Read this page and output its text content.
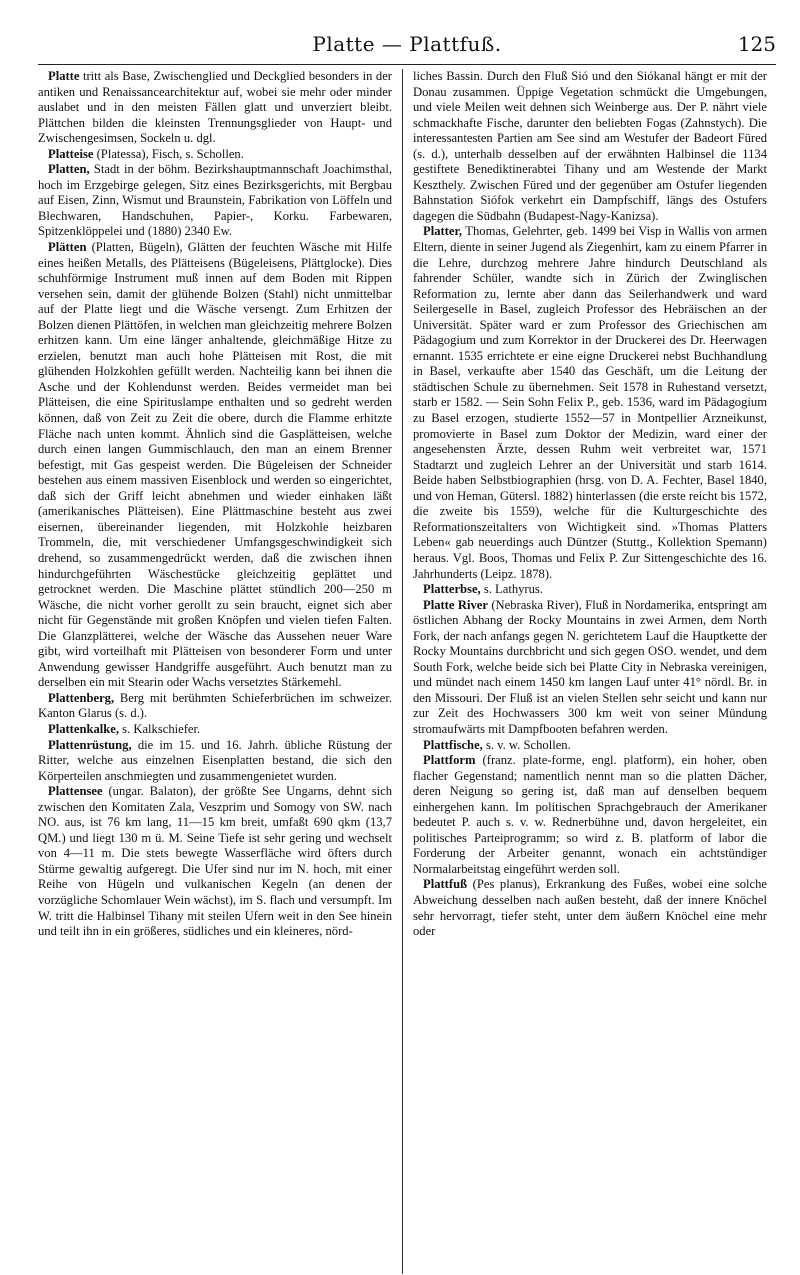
Platte — Plattfuß.	125

Platte tritt als Base, Zwischenglied und Deckglied besonders in der antiken und Renaissancearchitektur auf, wobei sie mehr oder minder auslabet und in den meisten Fällen glatt und unverziert bleibt. Plättchen bilden die kleinsten Trennungsglieder von Haupt- und Zwischengesimsen, Sockeln u. dgl.

Platteise (Platessa), Fisch, s. Schollen.

Platten, Stadt in der böhm. Bezirkshauptmannschaft Joachimsthal, hoch im Erzgebirge gelegen, Sitz eines Bezirksgerichts, mit Bergbau auf Eisen, Zinn, Wismut und Braunstein, Fabrikation von Löffeln und Blechwaren, Handschuhen, Papier-, Korku. Farbewaren, Spitzenklöppelei und (1880) 2340 Ew.

Plätten (Platten, Bügeln), Glätten der feuchten Wäsche mit Hilfe eines heißen Metalls, des Plätteisens (Bügeleisens, Plättglocke). Dies schuhförmige Instrument muß innen auf dem Boden mit Rippen versehen sein, damit der glühende Bolzen (Stahl) nicht unmittelbar auf der Platte liegt und die Wäsche versengt. Zum Erhitzen der Bolzen dienen Plättöfen, in welchen man gleichzeitig mehrere Bolzen erhitzen kann. Um eine länger anhaltende, gleichmäßige Hitze zu erzielen, benutzt man auch hohe Plätteisen mit Rost, die mit glühenden Holzkohlen gefüllt werden. Nachteilig kann bei ihnen die Asche und der Kohlendunst werden. Beides vermeidet man bei Plätteisen, die eine Spirituslampe enthalten und so gedreht werden können, daß von Zeit zu Zeit die obere, durch die Flamme erhitzte Fläche nach unten kommt. Ähnlich sind die Gasplätteisen, welche durch einen langen Gummischlauch, den man an einem Brenner befestigt, mit Gas gespeist werden. Die Bügeleisen der Schneider bestehen aus einem massiven Eisenblock und werden so eingerichtet, daß sich der Griff leicht abnehmen und wieder einhaken läßt (amerikanisches Plätteisen). Eine Plättmaschine besteht aus zwei eisernen, übereinander liegenden, mit Holzkohle heizbaren Trommeln, die, mit verschiedener Umfangsgeschwindigkeit sich drehend, so zusammengedrückt werden, daß die zwischen ihnen hindurchgeführten Wäschestücke gleichzeitig geplättet und getrocknet werden. Die Maschine plättet stündlich 200—250 m Wäsche, die nicht vorher gerollt zu sein braucht, eignet sich aber nicht für Gegenstände mit großen Knöpfen und vielen tiefen Falten. Die Glanzplätterei, welche der Wäsche das Aussehen neuer Ware gibt, wird vorteilhaft mit Plätteisen von besonderer Form und unter Anwendung gewisser Handgriffe ausgeführt. Auch benutzt man zu derselben ein mit Stearin oder Wachs versetztes Stärkemehl.

Plattenberg, Berg mit berühmten Schieferbrüchen im schweizer. Kanton Glarus (s. d.).

Plattenkalke, s. Kalkschiefer.

Plattenrüstung, die im 15. und 16. Jahrh. übliche Rüstung der Ritter, welche aus einzelnen Eisenplatten bestand, die sich den Körperteilen anschmiegten und zusammengenietet wurden.

Plattensee (ungar. Balaton), der größte See Ungarns, dehnt sich zwischen den Komitaten Zala, Veszprim und Somogy von SW. nach NO. aus, ist 76 km lang, 11—15 km breit, umfaßt 690 qkm (13,7 QM.) und liegt 130 m ü. M. Seine Tiefe ist sehr gering und wechselt von 4—11 m. Die stets bewegte Wasserfläche wird öfters durch Stürme gewaltig aufgeregt. Die Ufer sind nur im N. hoch, mit einer Reihe von Hügeln und vulkanischen Kegeln (an denen der vorzügliche Schomlauer Wein wächst), im S. flach und versumpft. Im W. tritt die Halbinsel Tihany mit steilen Ufern weit in den See hinein und teilt ihn in ein größeres, südliches und ein kleineres, nörd-

liches Bassin. Durch den Fluß Sió und den Siókanal hängt er mit der Donau zusammen. Üppige Vegetation schmückt die Umgebungen, und viele Meilen weit dehnen sich Weinberge aus. Der P. nährt viele schmackhafte Fische, darunter den beliebten Fogas (Zahnstych). Die interessantesten Partien am See sind am Westufer der Badeort Füred (s. d.), unterhalb desselben auf der erwähnten Halbinsel die 1134 gestiftete Benediktinerabtei Tihany und am Westende der Markt Keszthely. Zwischen Füred und der gegenüber am Ostufer liegenden Bahnstation Siófok verkehrt ein Dampfschiff, längs des Ostufers dagegen die Südbahn (Budapest-Nagy-Kanizsa).

Platter, Thomas, Gelehrter, geb. 1499 bei Visp in Wallis von armen Eltern, diente in seiner Jugend als Ziegenhirt, kam zu einem Pfarrer in die Lehre, durchzog mehrere Jahre hindurch Deutschland als fahrender Schüler, wandte sich in Zürich der Zwinglischen Reformation zu, lernte aber dann das Seilerhandwerk und ward Seilergeselle in Basel, zugleich Professor des Hebräischen an der Universität. Später ward er zum Professor des Griechischen am Pädagogium und zum Korrektor in der Druckerei des Dr. Heerwagen ernannt. 1535 errichtete er eine eigne Druckerei nebst Buchhandlung in Basel, verkaufte aber 1540 das Geschäft, um die Leitung der städtischen Schule zu übernehmen. Seit 1578 in Ruhestand versetzt, starb er 1582. — Sein Sohn Felix P., geb. 1536, ward im Pädagogium zu Basel erzogen, studierte 1552—57 in Montpellier Arzneikunst, promovierte in Basel zum Doktor der Medizin, ward einer der angesehensten Ärzte, dessen Ruhm weit verbreitet war, 1571 Stadtarzt und zugleich Lehrer an der Universität und starb 1614. Beide haben Selbstbiographien (hrsg. von D. A. Fechter, Basel 1840, und von Heman, Gütersl. 1882) hinterlassen (die erste reicht bis 1572, die zweite bis 1559), welche für die Kulturgeschichte des Reformationszeitalters von Wichtigkeit sind. »Thomas Platters Leben« gab neuerdings auch Düntzer (Stuttg., Kollektion Spemann) heraus. Vgl. Boos, Thomas und Felix P. Zur Sittengeschichte des 16. Jahrhunderts (Leipz. 1878).

Platterbse, s. Lathyrus.

Platte River (Nebraska River), Fluß in Nordamerika, entspringt am östlichen Abhang der Rocky Mountains in zwei Armen, dem North Fork, der nach anfangs gegen N. gerichtetem Lauf die Hauptkette der Rocky Mountains durchbricht und sich gegen OSO. wendet, und dem South Fork, welche beide sich bei Platte City in Nebraska vereinigen, und mündet nach einem 1450 km langen Lauf unter 41° nördl. Br. in den Missouri. Der Fluß ist an vielen Stellen sehr seicht und kann nur zur Zeit des Hochwassers 300 km weit von seiner Mündung stromaufwärts mit Dampfbooten befahren werden.

Plattfische, s. v. w. Schollen.

Plattform (franz. plate-forme, engl. platform), ein hoher, oben flacher Gegenstand; namentlich nennt man so die platten Dächer, deren Neigung so gering ist, daß man auf denselben bequem einhergehen kann. Im politischen Sprachgebrauch der Amerikaner bedeutet P. auch s. v. w. Rednerbühne und, davon hergeleitet, ein politisches Parteiprogramm; so wird z. B. platform of labor die Forderung der Arbeiter genannt, wonach ein achtstündiger Normalarbeitstag eingeführt werden soll.

Plattfuß (Pes planus), Erkrankung des Fußes, wobei eine solche Abweichung desselben nach außen besteht, daß der innere Knöchel sehr hervorragt, tiefer steht, unter dem äußern Knöchel eine mehr oder
